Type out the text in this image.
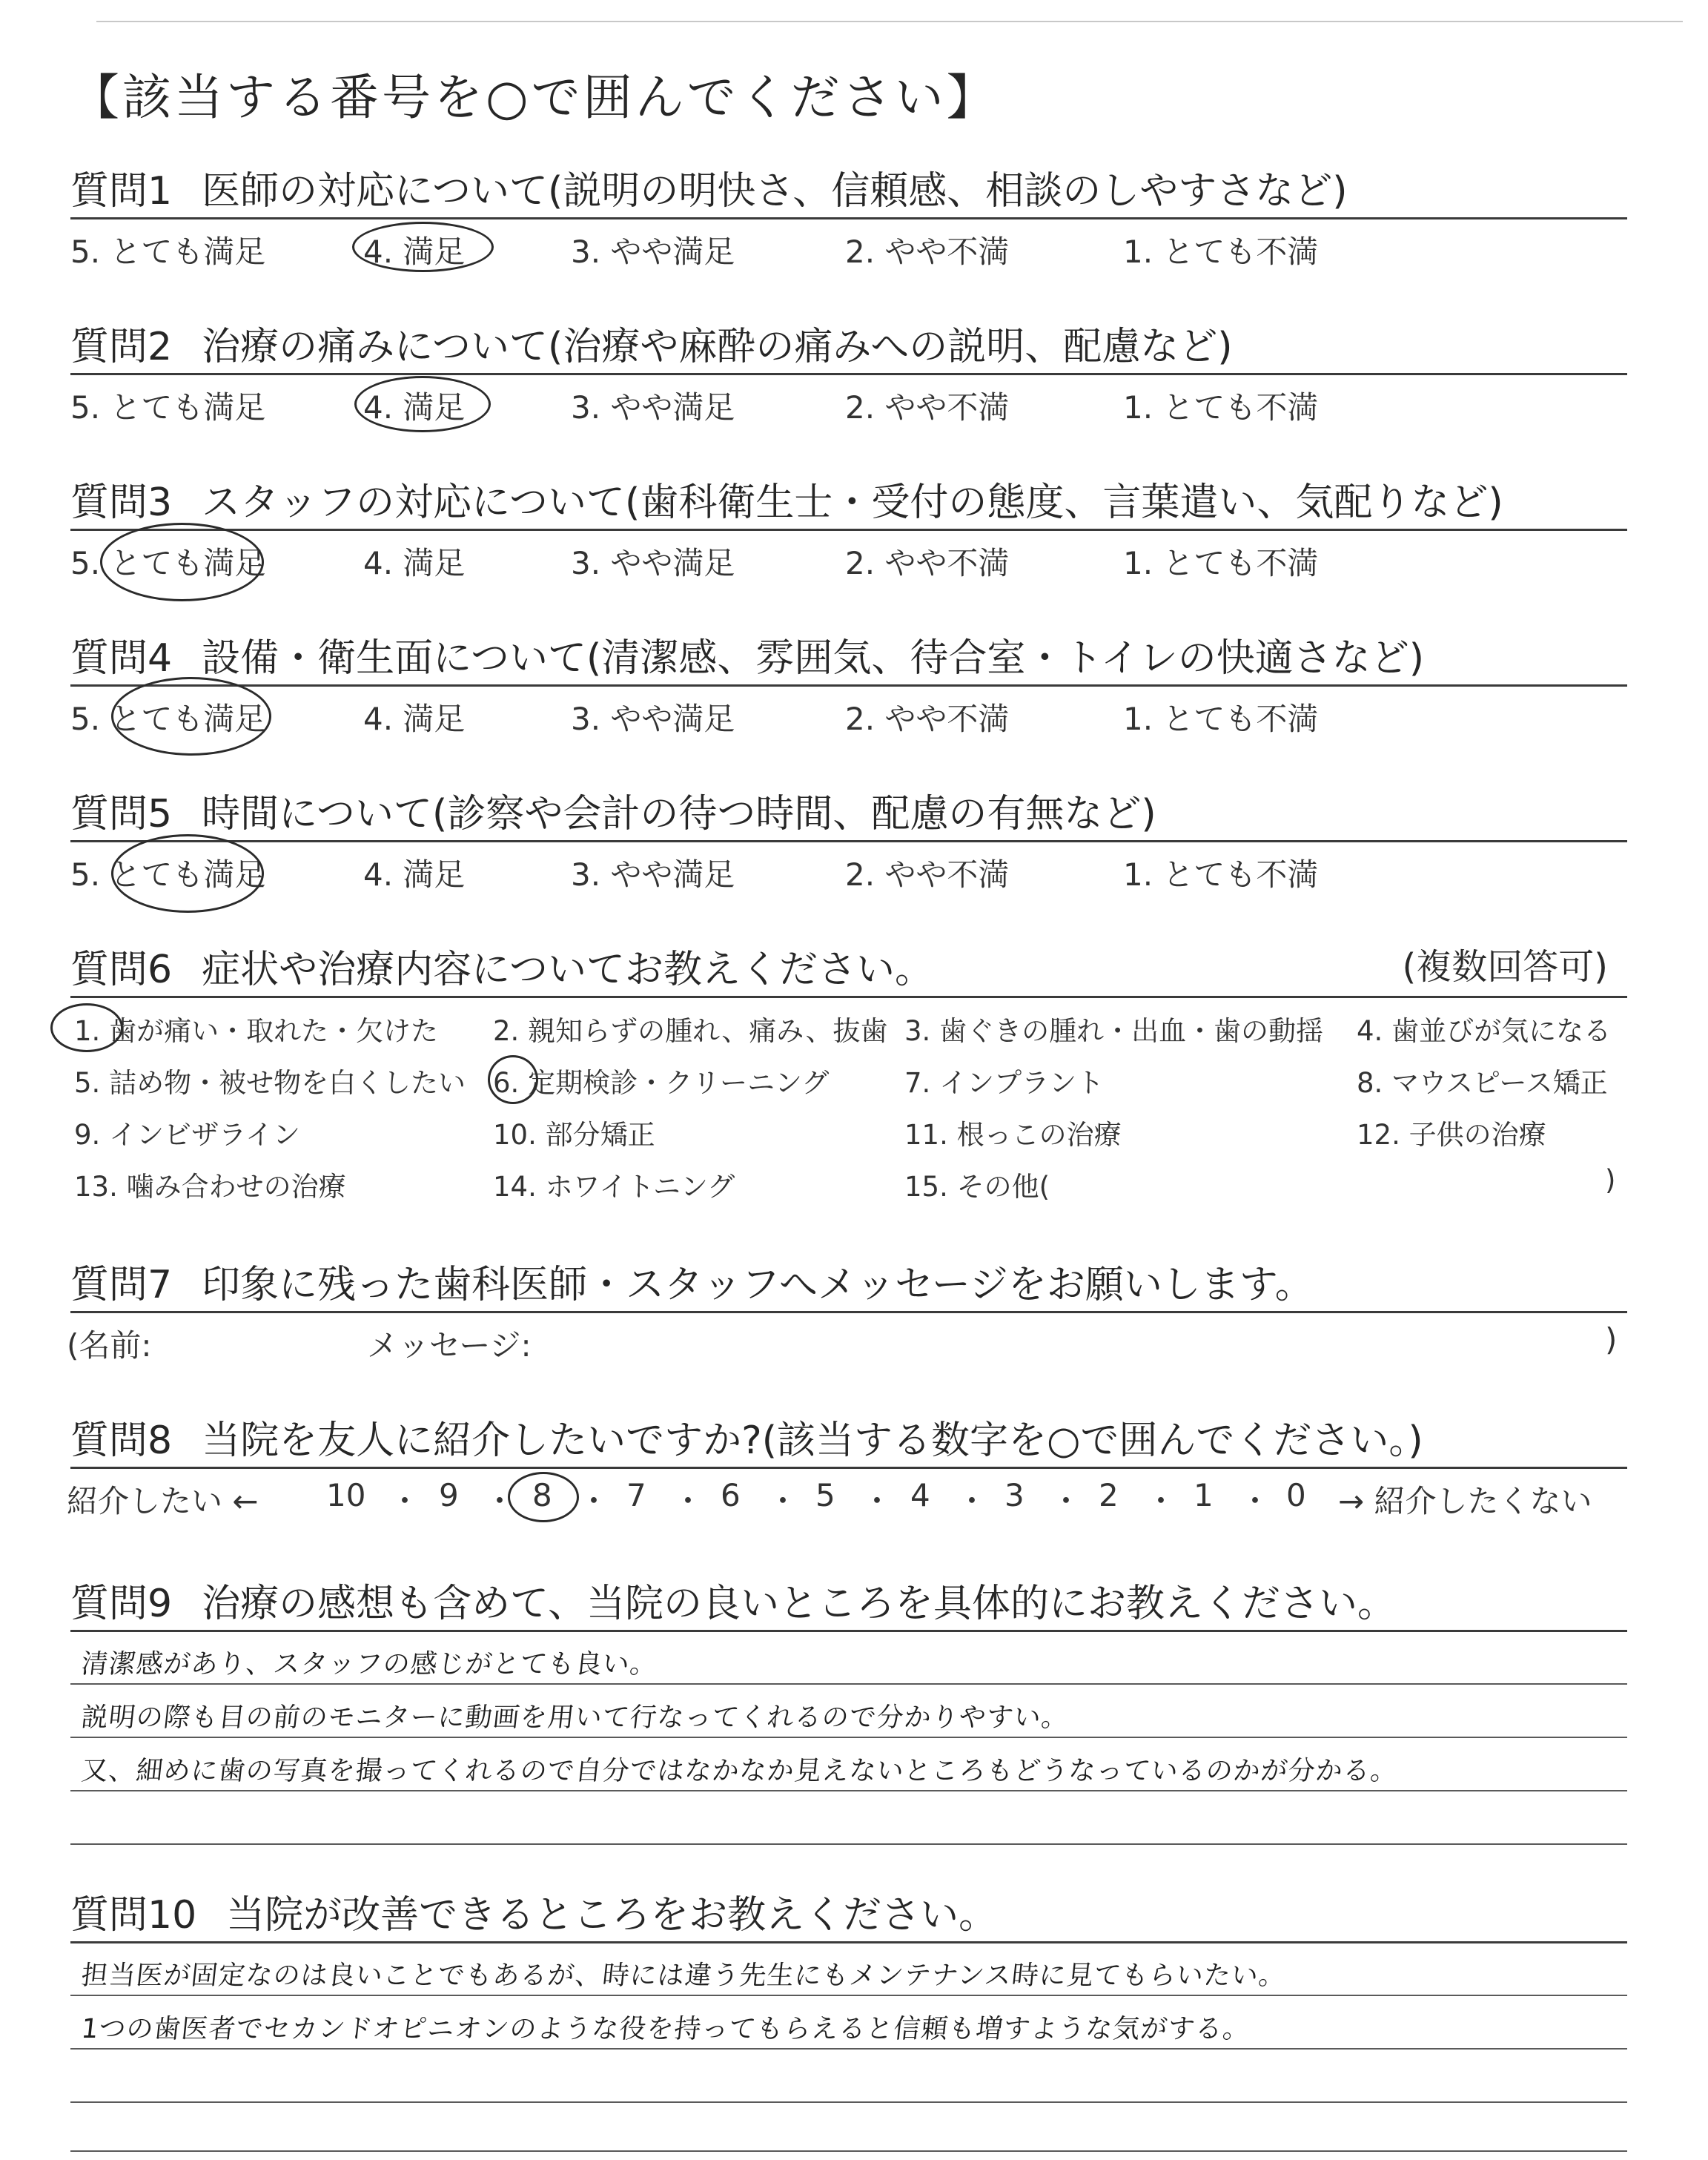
【該当する番号を○で囲んでください】
質問1 医師の対応について(説明の明快さ、信頼感、相談のしやすさなど)
5. とても満足	4. 満足	3. やや満足	2. やや不満	1. とても不満
質問2 治療の痛みについて(治療や麻酔の痛みへの説明、配慮など)
5. とても満足	4. 満足	3. やや満足	2. やや不満	1. とても不満
質問3 スタッフの対応について(歯科衛生士・受付の態度、言葉遣い、気配りなど)
5. とても満足	4. 満足	3. やや満足	2. やや不満	1. とても不満
質問4 設備・衛生面について(清潔感、雰囲気、待合室・トイレの快適さなど)
5. とても満足	4. 満足	3. やや満足	2. やや不満	1. とても不満
質問5 時間について(診察や会計の待つ時間、配慮の有無など)
5. とても満足	4. 満足	3. やや満足	2. やや不満	1. とても不満
質問6 症状や治療内容についてお教えください。	(複数回答可)
1. 歯が痛い・取れた・欠けた 2. 親知らずの腫れ、痛み、抜歯 3. 歯ぐきの腫れ・出血・歯の動揺 4. 歯並びが気になる
5. 詰め物・被せ物を白くしたい 6. 定期検診・クリーニング	7. インプラント	8. マウスピース矯正
9. インビザライン	10. 部分矯正	11. 根っこの治療	12. 子供の治療
13. 噛み合わせの治療	14. ホワイトニング	15. その他(	)
質問7 印象に残った歯科医師・スタッフへメッセージをお願いします。
(名前:	メッセージ:	)
質問8 当院を友人に紹介したいですか?(該当する数字を○で囲んでください。)
紹介したい ← 10 9 8 7 6 5 4 3 2 1 0 → 紹介したくない
・ ・ ・ ・ ・ ・ ・ ・ ・ ・
質問9 治療の感想も含めて、当院の良いところを具体的にお教えください。
清潔感があり、スタッフの感じがとても良い。
説明の際も目の前のモニターに動画を用いて行なってくれるので分かりやすい。
又、細めに歯の写真を撮ってくれるので自分ではなかなか見えないところもどうなっているのかが分かる。
質問10 当院が改善できるところをお教えください。
担当医が固定なのは良いことでもあるが、時には違う先生にもメンテナンス時に見てもらいたい。
1つの歯医者でセカンドオピニオンのような役を持ってもらえると信頼も増すような気がする。
